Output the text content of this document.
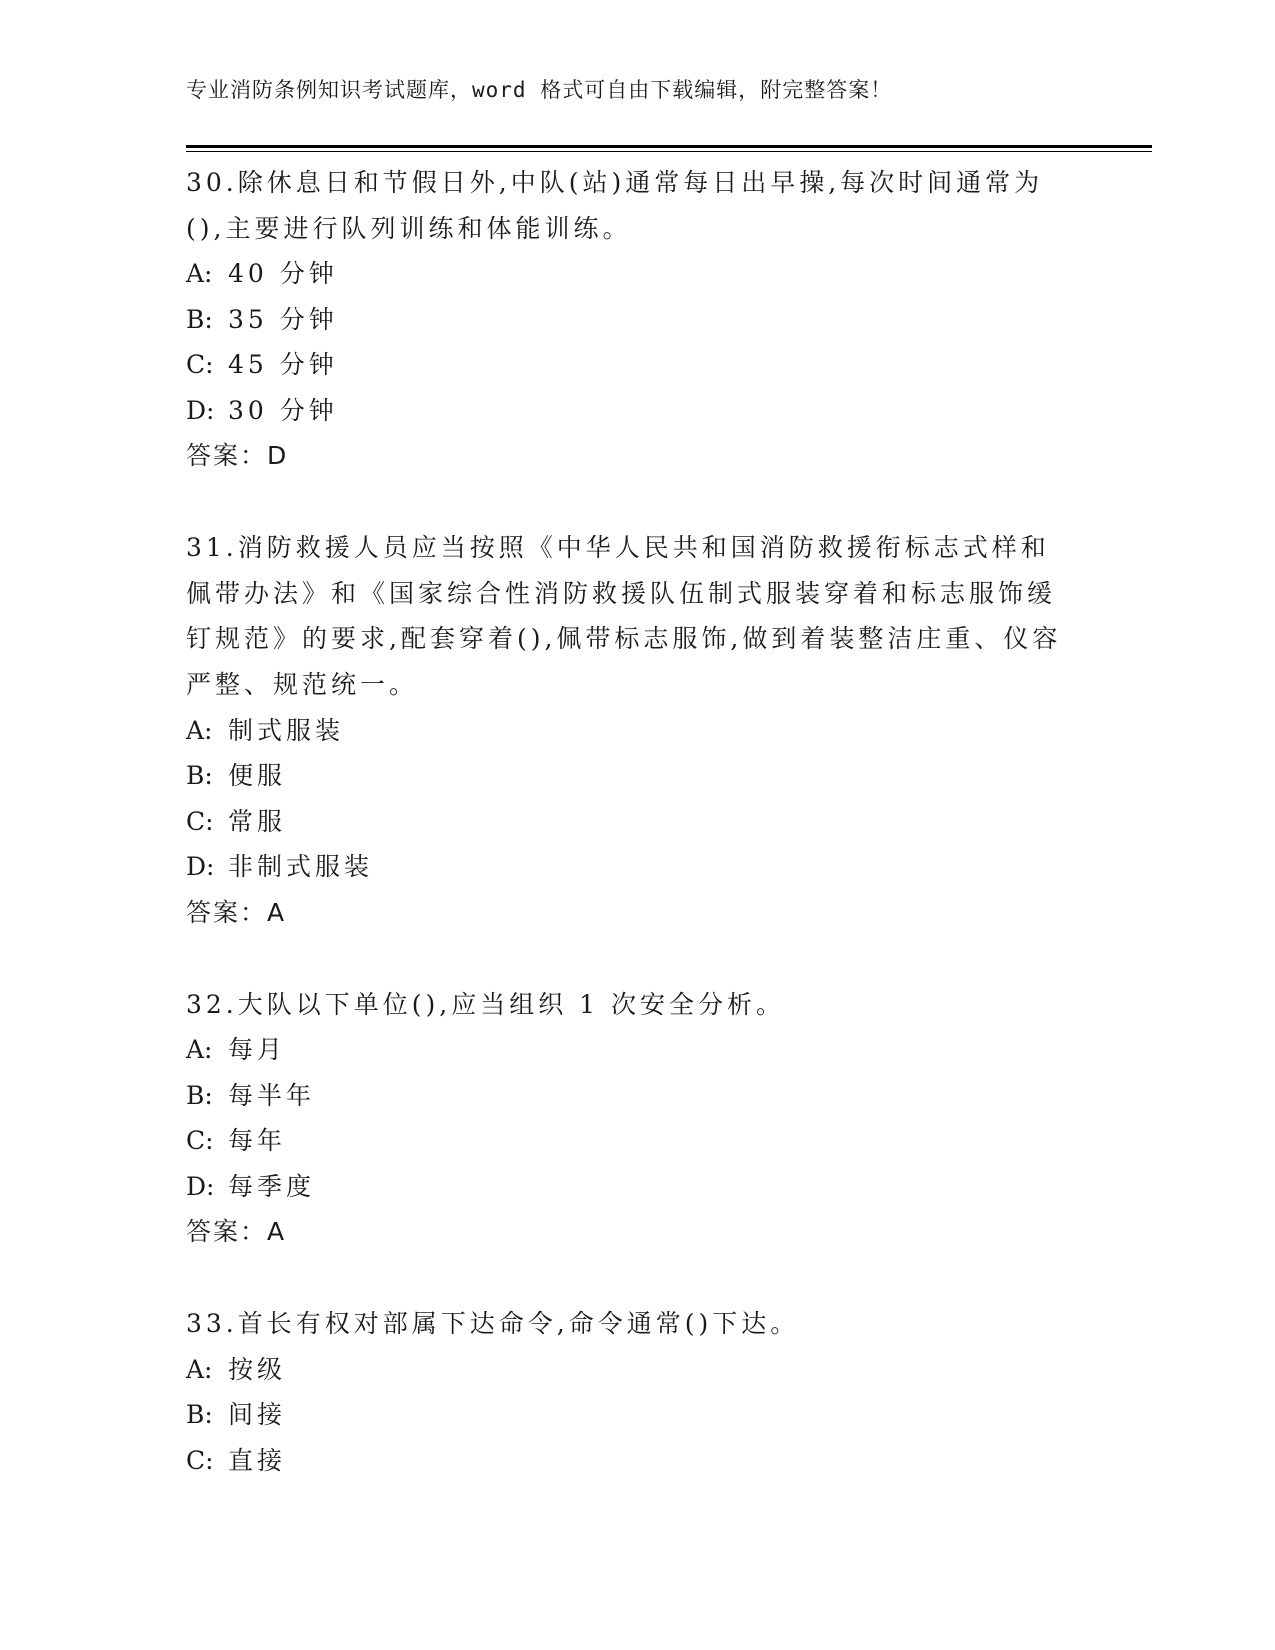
专业消防条例知识考试题库，word 格式可自由下载编辑，附完整答案！

30.除休息日和节假日外,中队(站)通常每日出早操,每次时间通常为
(),主要进行队列训练和体能训练。

A: 40 分钟
B: 35 分钟
C: 45 分钟
D: 30 分钟
答案：D

31.消防救援人员应当按照《中华人民共和国消防救援衔标志式样和
佩带办法》和《国家综合性消防救援队伍制式服装穿着和标志服饰缓
钉规范》的要求,配套穿着(),佩带标志服饰,做到着装整洁庄重、仪容
严整、规范统一。

A: 制式服装
B: 便服
C: 常服
D: 非制式服装
答案：A

32.大队以下单位(),应当组织 1 次安全分析。

A: 每月
B: 每半年
C: 每年
D: 每季度
答案：A

33.首长有权对部属下达命令,命令通常()下达。

A: 按级
B: 间接
C: 直接
